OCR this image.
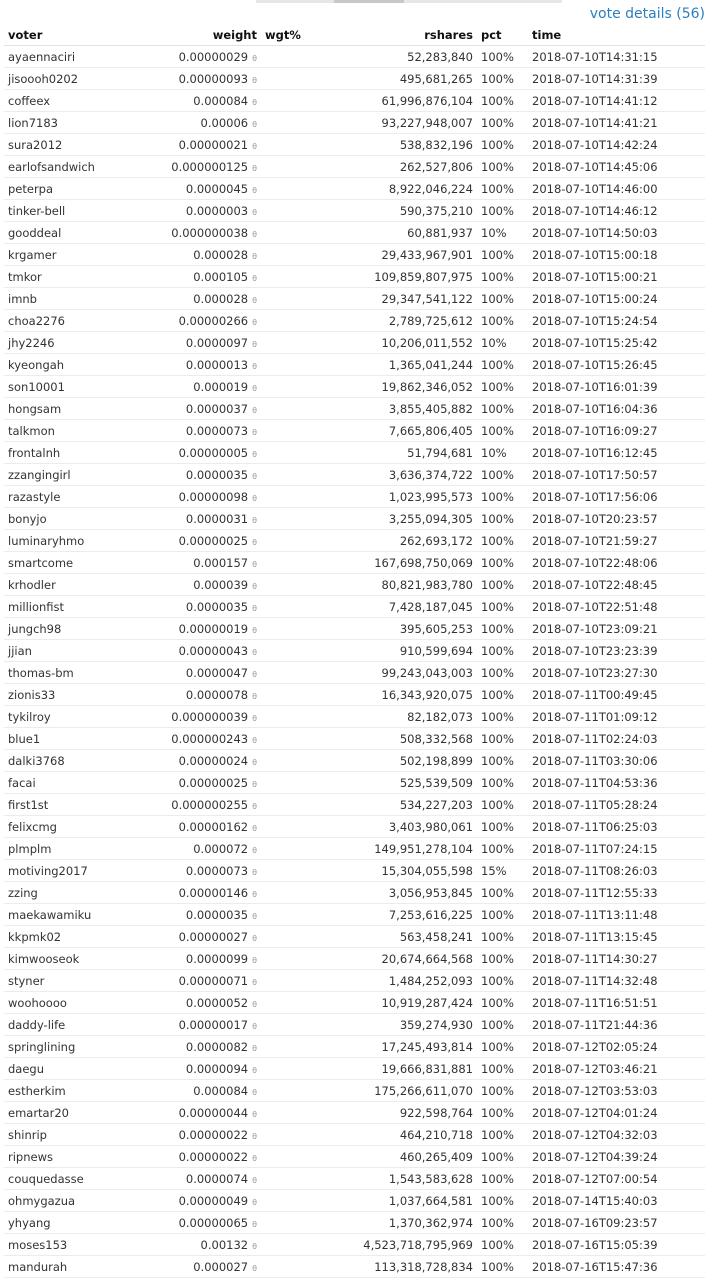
vote details (56)
voter	weight	wgt%	rshares	pct	time
ayaennaciri	0.00000029 θ		52,283,840	100%	2018-07-10T14:31:15
jisoooh0202	0.00000093 θ		495,681,265	100%	2018-07-10T14:31:39
coffeex	0.000084 θ		61,996,876,104	100%	2018-07-10T14:41:12
lion7183	0.00006 θ		93,227,948,007	100%	2018-07-10T14:41:21
sura2012	0.00000021 θ		538,832,196	100%	2018-07-10T14:42:24
earlofsandwich	0.000000125 θ		262,527,806	100%	2018-07-10T14:45:06
peterpa	0.0000045 θ		8,922,046,224	100%	2018-07-10T14:46:00
tinker-bell	0.0000003 θ		590,375,210	100%	2018-07-10T14:46:12
gooddeal	0.000000038 θ		60,881,937	10%	2018-07-10T14:50:03
krgamer	0.000028 θ		29,433,967,901	100%	2018-07-10T15:00:18
tmkor	0.000105 θ		109,859,807,975	100%	2018-07-10T15:00:21
imnb	0.000028 θ		29,347,541,122	100%	2018-07-10T15:00:24
choa2276	0.00000266 θ		2,789,725,612	100%	2018-07-10T15:24:54
jhy2246	0.0000097 θ		10,206,011,552	10%	2018-07-10T15:25:42
kyeongah	0.0000013 θ		1,365,041,244	100%	2018-07-10T15:26:45
son10001	0.000019 θ		19,862,346,052	100%	2018-07-10T16:01:39
hongsam	0.0000037 θ		3,855,405,882	100%	2018-07-10T16:04:36
talkmon	0.0000073 θ		7,665,806,405	100%	2018-07-10T16:09:27
frontalnh	0.00000005 θ		51,794,681	10%	2018-07-10T16:12:45
zzangingirl	0.0000035 θ		3,636,374,722	100%	2018-07-10T17:50:57
razastyle	0.00000098 θ		1,023,995,573	100%	2018-07-10T17:56:06
bonyjo	0.0000031 θ		3,255,094,305	100%	2018-07-10T20:23:57
luminaryhmo	0.00000025 θ		262,693,172	100%	2018-07-10T21:59:27
smartcome	0.000157 θ		167,698,750,069	100%	2018-07-10T22:48:06
krhodler	0.000039 θ		80,821,983,780	100%	2018-07-10T22:48:45
millionfist	0.0000035 θ		7,428,187,045	100%	2018-07-10T22:51:48
jungch98	0.00000019 θ		395,605,253	100%	2018-07-10T23:09:21
jjian	0.00000043 θ		910,599,694	100%	2018-07-10T23:23:39
thomas-bm	0.0000047 θ		99,243,043,003	100%	2018-07-10T23:27:30
zionis33	0.0000078 θ		16,343,920,075	100%	2018-07-11T00:49:45
tykilroy	0.000000039 θ		82,182,073	100%	2018-07-11T01:09:12
blue1	0.000000243 θ		508,332,568	100%	2018-07-11T02:24:03
dalki3768	0.00000024 θ		502,198,899	100%	2018-07-11T03:30:06
facai	0.00000025 θ		525,539,509	100%	2018-07-11T04:53:36
first1st	0.000000255 θ		534,227,203	100%	2018-07-11T05:28:24
felixcmg	0.00000162 θ		3,403,980,061	100%	2018-07-11T06:25:03
plmplm	0.000072 θ		149,951,278,104	100%	2018-07-11T07:24:15
motiving2017	0.0000073 θ		15,304,055,598	15%	2018-07-11T08:26:03
zzing	0.00000146 θ		3,056,953,845	100%	2018-07-11T12:55:33
maekawamiku	0.0000035 θ		7,253,616,225	100%	2018-07-11T13:11:48
kkpmk02	0.00000027 θ		563,458,241	100%	2018-07-11T13:15:45
kimwooseok	0.0000099 θ		20,674,664,568	100%	2018-07-11T14:30:27
styner	0.00000071 θ		1,484,252,093	100%	2018-07-11T14:32:48
woohoooo	0.0000052 θ		10,919,287,424	100%	2018-07-11T16:51:51
daddy-life	0.00000017 θ		359,274,930	100%	2018-07-11T21:44:36
springlining	0.0000082 θ		17,245,493,814	100%	2018-07-12T02:05:24
daegu	0.0000094 θ		19,666,831,881	100%	2018-07-12T03:46:21
estherkim	0.000084 θ		175,266,611,070	100%	2018-07-12T03:53:03
emartar20	0.00000044 θ		922,598,764	100%	2018-07-12T04:01:24
shinrip	0.00000022 θ		464,210,718	100%	2018-07-12T04:32:03
ripnews	0.00000022 θ		460,265,409	100%	2018-07-12T04:39:24
couquedasse	0.0000074 θ		1,543,583,628	100%	2018-07-12T07:00:54
ohmygazua	0.00000049 θ		1,037,664,581	100%	2018-07-14T15:40:03
yhyang	0.00000065 θ		1,370,362,974	100%	2018-07-16T09:23:57
moses153	0.00132 θ		4,523,718,795,969	100%	2018-07-16T15:05:39
mandurah	0.000027 θ		113,318,728,834	100%	2018-07-16T15:47:36
